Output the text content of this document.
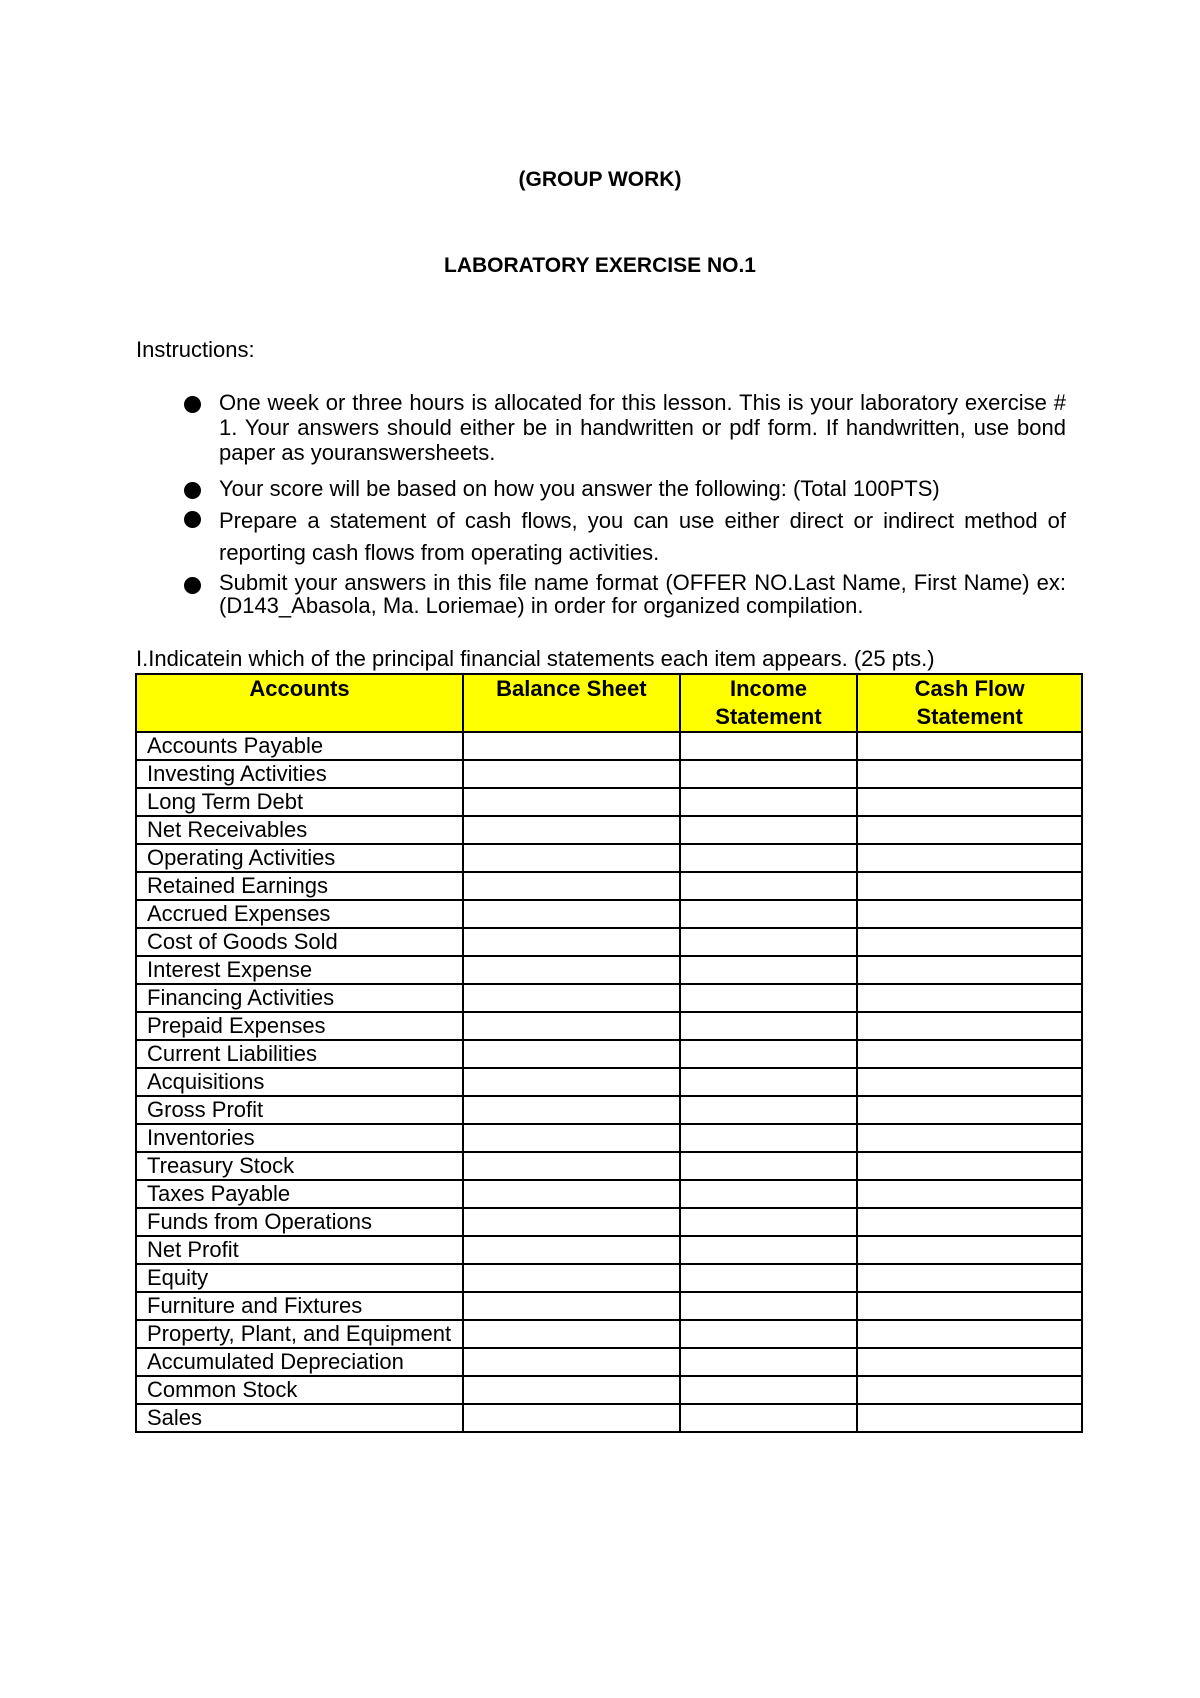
(GROUP WORK)
LABORATORY EXERCISE NO.1
Instructions:
One week or three hours is allocated for this lesson. This is your laboratory exercise # 1. Your answers should either be in handwritten or pdf form. If handwritten, use bond paper as youranswersheets.
Your score will be based on how you answer the following: (Total 100PTS)
Prepare a statement of cash flows, you can use either direct or indirect method of reporting cash flows from operating activities.
Submit your answers in this file name format (OFFER NO.Last Name, First Name) ex: (D143_Abasola, Ma. Loriemae) in order for organized compilation.
I.Indicatein which of the principal financial statements each item appears. (25 pts.)
Accounts	Balance Sheet	Income Statement	Cash Flow Statement
Accounts Payable			
Investing Activities			
Long Term Debt			
Net Receivables			
Operating Activities			
Retained Earnings			
Accrued Expenses			
Cost of Goods Sold			
Interest Expense			
Financing Activities			
Prepaid Expenses			
Current Liabilities			
Acquisitions			
Gross Profit			
Inventories			
Treasury Stock			
Taxes Payable			
Funds from Operations			
Net Profit			
Equity			
Furniture and Fixtures			
Property, Plant, and Equipment			
Accumulated Depreciation			
Common Stock			
Sales			
